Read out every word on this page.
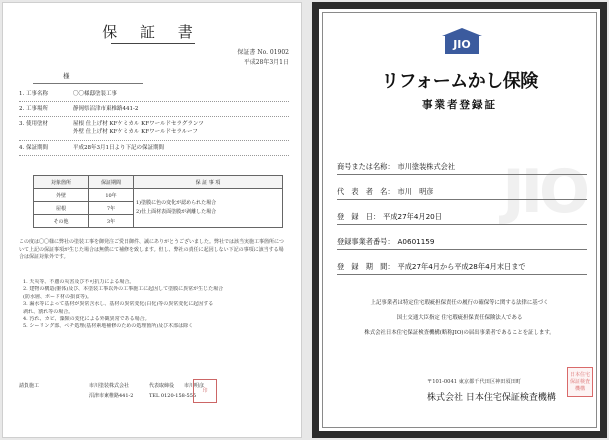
保 証 書
保証書 No. 01902
平成28年3月1日
様
1. 工事名称	〇〇様邸塗装工事
2. 工事場所	静岡県沼津市東椎路441-2
3. 使用塗材	屋根 仕上げ材 KFケミカル KFワールドセラグランツ
外壁 仕上げ材 KFケミカル KFワールドセラルーフ
4. 保証期間	平成28年3月1日より下記の保証期間
対象箇所	保証期間	保 証 事 項
外壁	10年	1)塗膜に色の変化が認められた場合
2)仕上面材表面塗膜が剥離した場合

屋根	7年	
その他	3年	
この度は〇〇様に弊社の塗装工事を御発注ご愛日御件、誠にありがとうございました。弊社では該当実施工事箇所について上記の保証事項が生じた場合は無償にて補修を致します。但し、弊社の責任に起因しない下記の事項に該当する場合は保証対象外です。
1. 天災等、不慮の災害及び不可抗力による場合。
2. 建物の構造(躯体)及び、本塗装工事以外の工事施工に起因して塗膜に異常が生じた場合
(防水層、ボード材の損食等)。
3. 漏水等によって基材が異常含水し、基材の異常変化(白化)等の異常変化に起因する
剥れ、割れ等の場合。
4. 汚れ、カビ、藻類の変化による外観異常である場合。
5. シーリング部、ペチ処理(基材素地補修のための処理箇所)及び木部は除く
請負施工	市川塗装株式会社	代表取締役 市川明彦
沼津市東椎路441-2	TEL 0120-158-555
印
JIO
JIO
リフォームかし保険
事業者登録証
商号または名称： 市川塗装株式会社
代　表　者　名： 市川　明彦
登　録　日： 平成27年4月20日
登録事業者番号： A0601159
登　録　期　間： 平成27年4月から平成28年4月末日まで
上記事業者は特定住宅瑕疵担保責任の履行の確保等に関する法律に基づく
国土交通大臣指定 住宅瑕疵担保責任保険法人である
株式会社日本住宅保証検査機構(略称JIO)の届出事業者であることを証します。
〒101-0041 東京都千代田区神田須田町
株式会社 日本住宅保証検査機構
日本住宅保証検査機構
